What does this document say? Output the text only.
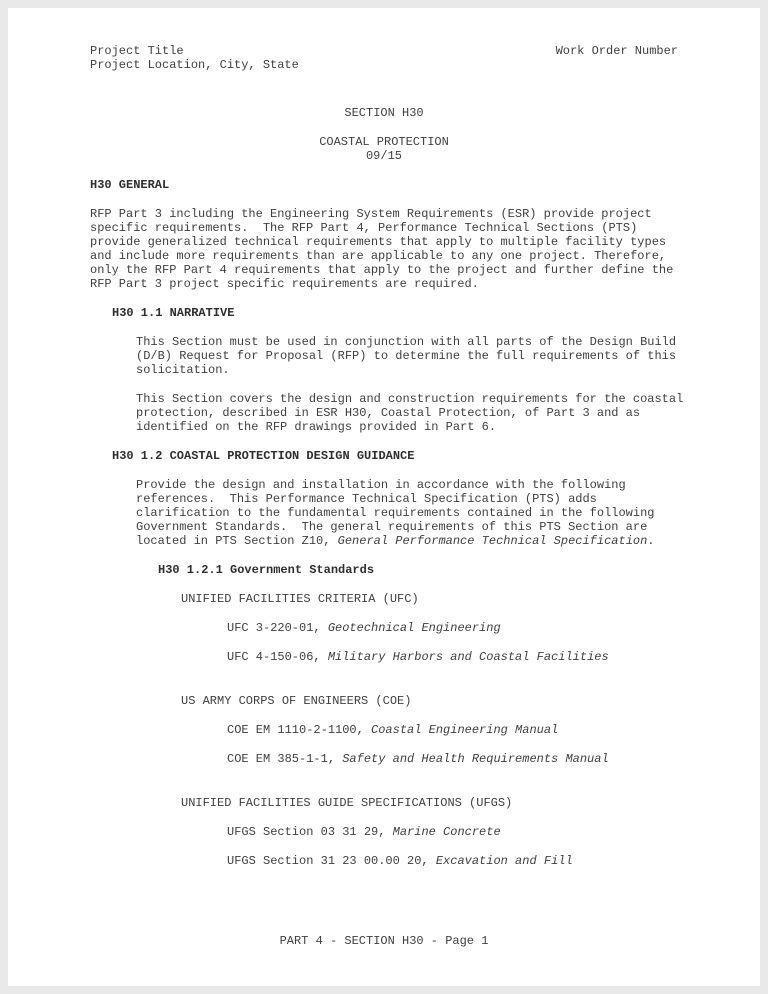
Project Title
Project Location, City, State
Work Order Number
SECTION H30
COASTAL PROTECTION
09/15
H30 GENERAL

RFP Part 3 including the Engineering System Requirements (ESR) provide project specific requirements.  The RFP Part 4, Performance Technical Sections (PTS) provide generalized technical requirements that apply to multiple facility types and include more requirements than are applicable to any one project. Therefore, only the RFP Part 4 requirements that apply to the project and further define the RFP Part 3 project specific requirements are required.

H30 1.1 NARRATIVE

This Section must be used in conjunction with all parts of the Design Build (D/B) Request for Proposal (RFP) to determine the full requirements of this solicitation.

This Section covers the design and construction requirements for the coastal protection, described in ESR H30, Coastal Protection, of Part 3 and as identified on the RFP drawings provided in Part 6.

H30 1.2 COASTAL PROTECTION DESIGN GUIDANCE

Provide the design and installation in accordance with the following references.  This Performance Technical Specification (PTS) adds clarification to the fundamental requirements contained in the following Government Standards.  The general requirements of this PTS Section are located in PTS Section Z10, General Performance Technical Specification.

H30 1.2.1 Government Standards
UNIFIED FACILITIES CRITERIA (UFC)

UFC 3-220-01, Geotechnical Engineering

UFC 4-150-06, Military Harbors and Coastal Facilities

US ARMY CORPS OF ENGINEERS (COE)

COE EM 1110-2-1100, Coastal Engineering Manual

COE EM 385-1-1, Safety and Health Requirements Manual

UNIFIED FACILITIES GUIDE SPECIFICATIONS (UFGS)

UFGS Section 03 31 29, Marine Concrete

UFGS Section 31 23 00.00 20, Excavation and Fill

PART 4 - SECTION H30 - Page 1
